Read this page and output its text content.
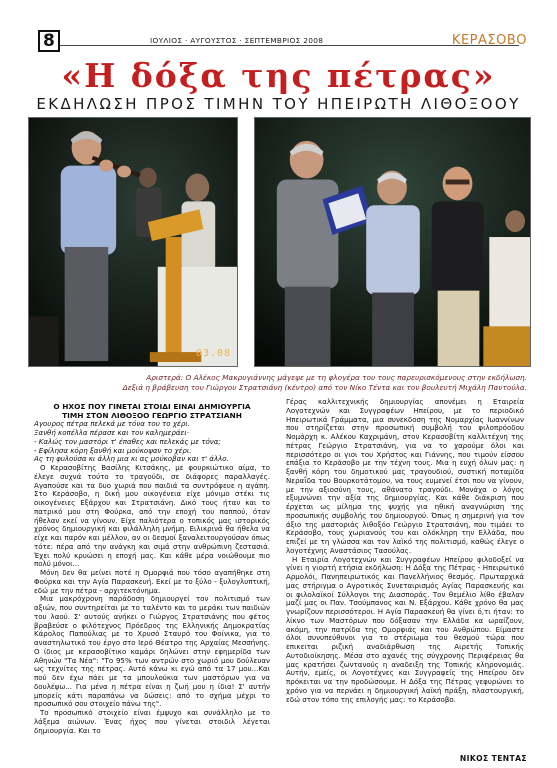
8	ΙΟΥΛΙΟΣ · ΑΥΓΟΥΣΤΟΣ · ΣΕΠΤΕΜΒΡΙΟΣ 2008	ΚΕΡΑΣΟΒΟ
«Η δόξα της πέτρας»
ΕΚΔΗΛΩΣΗ ΠΡΟΣ ΤΙΜΗΝ ΤΟΥ ΗΠΕΙΡΩΤΗ ΛΙΘΟΞΟΟΥ
03.08
Αριστερά: Ο Αλέκος Μακρυγιάννης μάγεψε με τη φλογέρα του τους παρευρισκόμενους στην εκδήλωση.
Δεξιά η βράβευση του Γιώργου Στρατσιάνη (κέντρο) από τον Νίκο Τέντα και τον βουλευτή Μιχάλη Παντούλα.

Ο ΗΧΟΣ ΠΟΥ ΓΙΝΕΤΑΙ ΣΤΟΙΔΙ ΕΙΝΑΙ ΔΗΜΙΟΥΡΓΙΑ

ΤΙΜΗ ΣΤΟΝ ΛΙΘΟΞΟΟ ΓΕΩΡΓΙΟ ΣΤΡΑΤΣΙΑΝΗ

Αγουρος πέτρα πελεκά με τόνα του το χέρι.

Ξανθή κοπέλλα πέρασε και τον καλημεράει·

- Καλώς τον μαστόρι τ' έπαθες και πελεκάς με τόνα;

- Εφίλησα κόρη ξανθή και μούκοψαν το χέρι.

Ας τη φυλούσα κι άλλη μια κι ας μούκοβαν και τ' άλλο.

Ο Κερασοβίτης Βασίλης Κιτσάκης, με φουρκιώτικο αίμα, το έλεγε συχνά τούτο το τραγούδι, σε διάφορες παραλλαγές. Αγαπούσε και τα δυο χωριά που παιδιά τα συντρόφευε η αγάπη. Στο Κεράσοβο, η δική μου οικογένεια είχε μόνιμο στέκι τις οικογένειες Εξάρχου και Στρατσιάνη. Δικό τους ήταν και το πατρικό μου στη Φούρκα, από την εποχή του παππού, όταν ήθελαν εκεί να γίνουν. Είχε παλιότερα ο τοπικός μας ιστορικός χρόνος δημιουργική και φιλάλληλη μνήμη. Ειλικρινά θα ήθελα να είχε και παρόν και μέλλον, αν οι δεσμοί ξαναλειτουργούσαν όπως τότε: πέρα από την ανάγκη και σιμά στην ανθρώπινη ζεστασιά. Έχει πολύ κρυώσει η εποχή μας. Και κάθε μέρα νοιώθουμε πιο πολύ μόνοι...

Μόνη δεν θα μείνει ποτέ η Ομορφιά που τόσο αγαπήθηκε στη Φούρκα και την Αγία Παρασκευή. Εκεί με το ξύλο - ξυλογλυπτική, εδώ με την πέτρα - αρχιτεκτόνημα.

Μια μακρόχρονη παράδοση δημιουργεί τον πολιτισμό των αξιών, που συντηρείται με το ταλέντο και το μεράκι των παιδιών του λαού. Σ' αυτούς ανήκει ο Γιώργος Στρατσιάνης που φέτος βραβεύσε ο φιλότεχνος Πρόεδρος της Ελληνικής Δημοκρατίας Κάρολος Παπούλιας με το Χρυσό Σταυρό του Φοίνικα, για το αναστηλωτικό του έργο στο Ιερό Θέατρο της Αρχαίας Μεσσήνης. Ο ίδιος με κερασοβίτικο καμάρι δηλώνει στην εφημερίδα των Αθηνών "Τα Νέα": "Το 95% των αντρών στο χωριό μου δούλευαν ως τεχνίτες της πέτρας. Αυτό κάνω κι εγώ από τα 17 μου...Και πού δεν έχω πάει με τα μπουλούκια των μαστόρων για να δουλέψω... Για μένα η πέτρα είναι η ζωή μου η ίδια! Σ' αυτήν μπορείς κάτι παραπάνω να δώσεις: από το σχήμα μέχρι το προσωπικό σου στοιχείο πάνω της".

Το προσωπικό στοιχείο είναι έμψυχο και συνάλληλο με το λάξεμα αιώνων. Ένας ήχος που γίνεται στοιδιλ λέγεται δημιουργία. Και το

Γέρας καλλιτεχνικής δημιουργίας απονέμει η Εταιρεία Λογοτεχνών και Συγγραφέων Ηπείρου, με το περιοδικό Ηπειρωτικά Γράμματα, μια συνεκδοση της Νομαρχίας Ιωαννίνων που στηρίζεται στην προσωπική συμβολή του φιλοπρόοδου Νομάρχη κ. Αλέκου Καχριμάνη, στον Κερασοβίτη καλλιτέχνη της πέτρας Γεώργιο Στρατσιάνη, για να το χαρούμε όλοι και περισσότερο οι γιοι του Χρήστος και Γιάννης, που τιμούν είσσου επάξια το Κεράσοβο με την τέχνη τους. Μια η ευχή όλων μας: η ξανθή κόρη του δημοτικού μας τραγουδιού, συστική ποταμίδα Νεραΐδα του Βουρκοτάτομου, να τους ευμενεί έτσι που να γίνουν, με την αξιοσύνη τους, αθάνατο τραγούδι. Μονάχα ο λόγος εξυμνώνει την αξία της δημιουργίας. Και κάθε διάκριση που έρχεται ως μίλημα της ψυχής για ηθική αναγνώριση της προσωπικής συμβολής του δημιουργού. Όπως η σημερινή για τον άξιο της μαστοριάς λιθοξόο Γεώργιο Στρατσιάνη, που τιμάει το Κεράσοβο, τους χωριανούς του και ολόκληρη την Ελλάδα, που επιζεί με τη γλώσσα και τον λαϊκό της πολιτισμό, καθώς έλεγε ο λογοτέχνης Αναστάσιος Τασούλας.

Η Εταιρία Λογοτεχνών και Συγγραφέων Ηπείρου φιλοδοξεί να γίνει η γιορτή ετήσια εκδήλωση: Η Δόξα της Πέτρας - Ηπειρωτικό Αρμολόι, Πανηπειρωτικός και Πανελλήνιος θεσμός. Πρωταρχικά μας στήριγμα ο Αγροτικός Συνεταιρισμός Αγίας Παρασκευής και οι φιλολαϊκοί Σύλλογοι της Διασποράς. Τον θεμέλιο λίθο έβαλαν μαζί μας οι Παν. Τσούμπανος και Ν. Εξάρχου. Κάθε χρόνο θα μας γνωρίζουν περισσότεροι. Η Αγία Παρασκευή θα γίνει ό,τι ήταν: το λίκνο των Μαστόρων που δόξασαν την Ελλάδα κα ωραίζουν, ακόμη, την πατρίδα της Ομορφιάς και του Ανθρώπου. Είμαστε όλοι συνυπεύθυνοι για το στέριωμα του θεσμού τώρα που επικειται ριζική αναδιάρθωση της Αιρετής Τοπικής Αυτοδιοίκησης. Μέσα στο αχανές της σύγχρονης Περιφέρειας θα μας κρατήσει ζωντανούς η αναδειξη της Τοπικής κληρονομιάς. Αυτήν, εμείς, οι Λογοτέχνες και Συγγραφείς της Ηπείρου δεν πρόκειται να την προδώσουμε. Η Δόξα της Πέτρας γεφυρώνει το χρόνο για να περνάει η δημιουργική λαϊκή πράξη, πλαστουργική, εδώ στον τόπο της επιλογής μας: το Κεράσοβο.

ΝΙΚΟΣ ΤΕΝΤΑΣ
